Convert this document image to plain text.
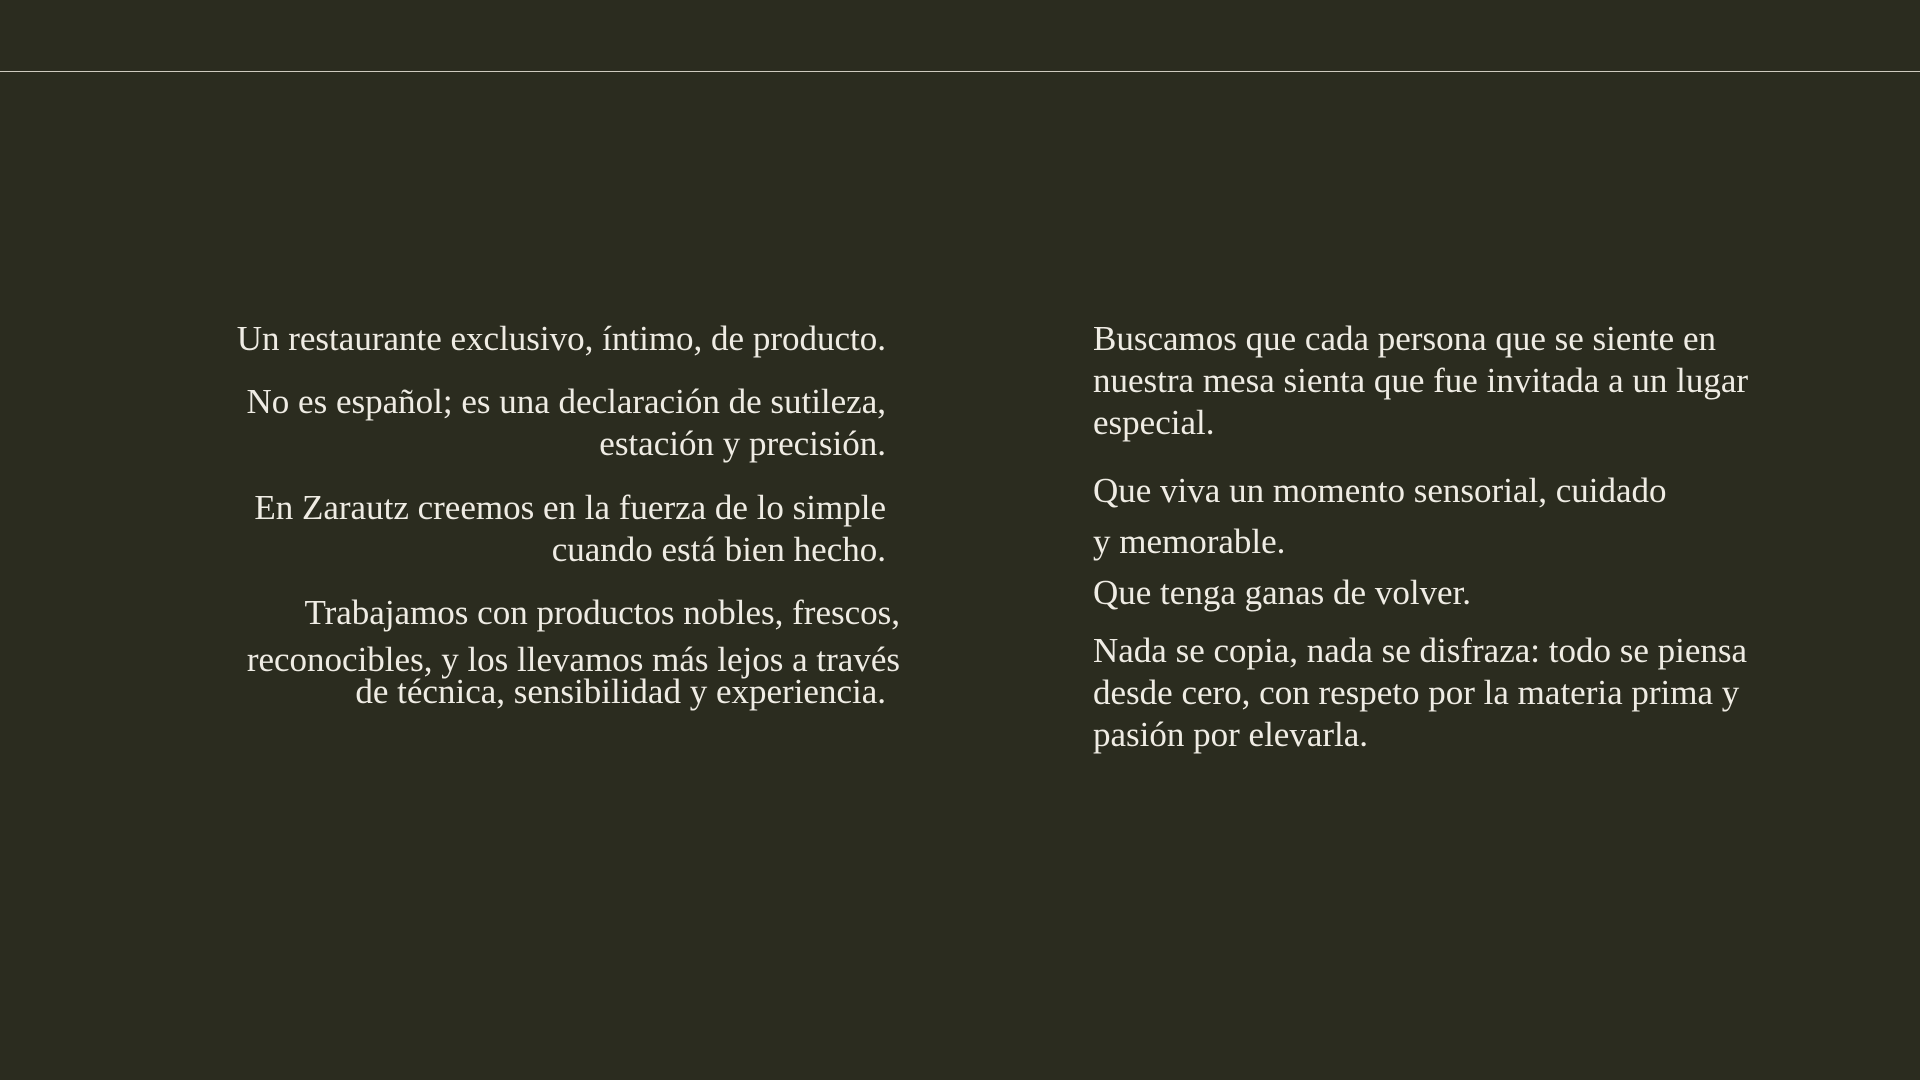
Un restaurante exclusivo, íntimo, de producto.

No es español; es una declaración de sutileza,
estación y precisión.

En Zarautz creemos en la fuerza de lo simple
cuando está bien hecho.

Trabajamos con productos nobles, frescos,
reconocibles, y los llevamos más lejos a través
de técnica, sensibilidad y experiencia.

Buscamos que cada persona que se siente en
nuestra mesa sienta que fue invitada a un lugar
especial.

Que viva un momento sensorial, cuidado
y memorable.
Que tenga ganas de volver.

Nada se copia, nada se disfraza: todo se piensa
desde cero, con respeto por la materia prima y
pasión por elevarla.
